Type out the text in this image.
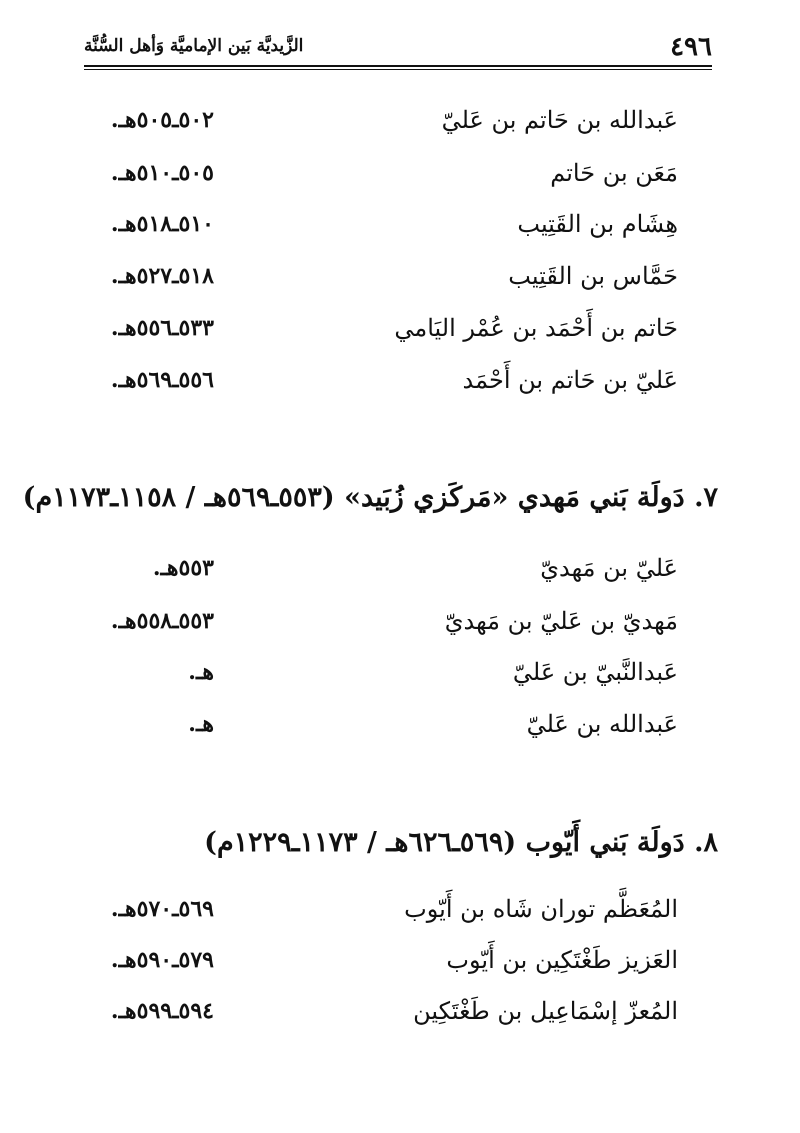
٤٩٦
الزَّيديَّة بَين الإماميَّة وَأهل السُّنَّة
عَبدالله بن حَاتم بن عَليّ
٥٠٢ـ٥٠٥هـ.
مَعَن بن حَاتم
٥٠٥ـ٥١٠هـ.
هِشَام بن القَتِيب
٥١٠ـ٥١٨هـ.
حَمَّاس بن القَتِيب
٥١٨ـ٥٢٧هـ.
حَاتم بن أَحْمَد بن عُمْر اليَامي
٥٣٣ـ٥٥٦هـ.
عَليّ بن حَاتم بن أَحْمَد
٥٥٦ـ٥٦٩هـ.
٧. دَولَة بَني مَهدي «مَركَزي زُبَيد» (٥٥٣ـ٥٦٩هـ / ١١٥٨ـ١١٧٣م)
عَليّ بن مَهديّ
٥٥٣هـ.
مَهديّ بن عَليّ بن مَهديّ
٥٥٣ـ٥٥٨هـ.
عَبدالنَّبيّ بن عَليّ
هـ.
عَبدالله بن عَليّ
هـ.
٨. دَولَة بَني أَيّوب (٥٦٩ـ٦٢٦هـ / ١١٧٣ـ١٢٢٩م)
المُعَظَّم توران شَاه بن أَيّوب
٥٦٩ـ٥٧٠هـ.
العَزيز طَغْتَكِين بن أَيّوب
٥٧٩ـ٥٩٠هـ.
المُعزّ إسْمَاعِيل بن طَغْتَكِين
٥٩٤ـ٥٩٩هـ.
